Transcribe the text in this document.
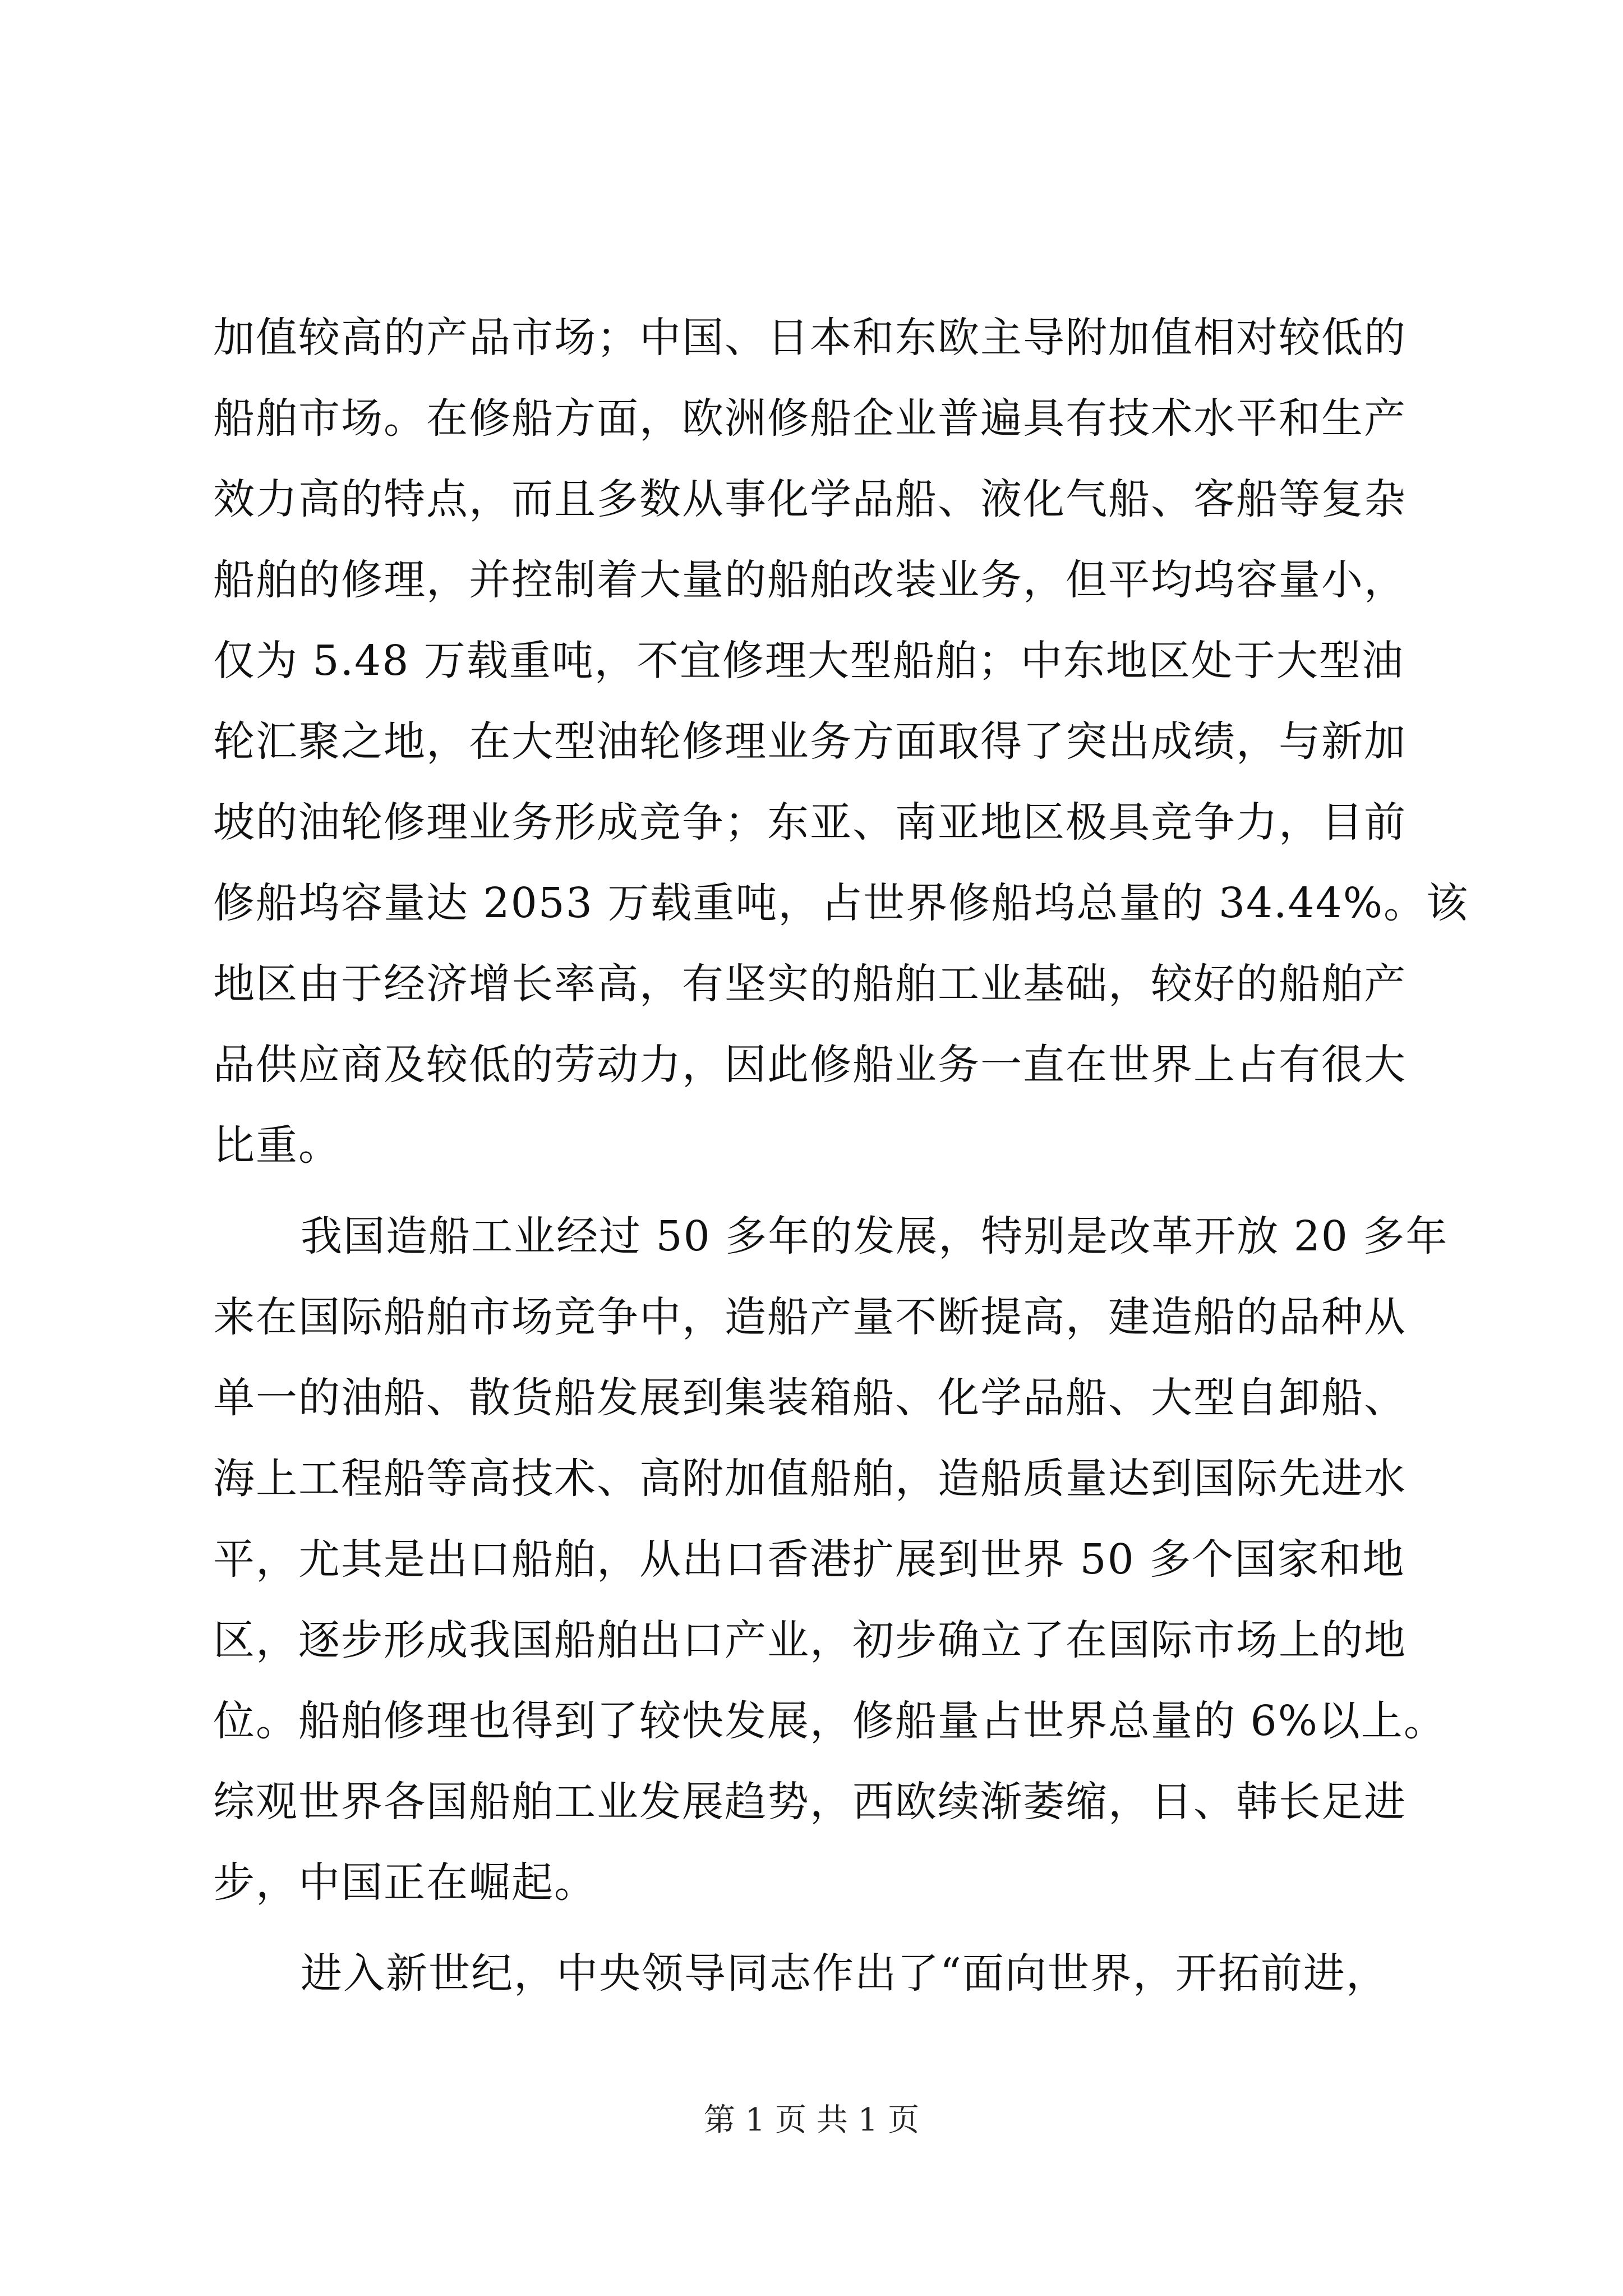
加值较高的产品市场；中国、日本和东欧主导附加值相对较低的
船舶市场。在修船方面，欧洲修船企业普遍具有技术水平和生产
效力高的特点，而且多数从事化学品船、液化气船、客船等复杂
船舶的修理，并控制着大量的船舶改装业务，但平均坞容量小，
仅为 5.48 万载重吨，不宜修理大型船舶；中东地区处于大型油
轮汇聚之地，在大型油轮修理业务方面取得了突出成绩，与新加
坡的油轮修理业务形成竞争；东亚、南亚地区极具竞争力，目前
修船坞容量达 2053 万载重吨，占世界修船坞总量的 34.44%。该
地区由于经济增长率高，有坚实的船舶工业基础，较好的船舶产
品供应商及较低的劳动力，因此修船业务一直在世界上占有很大
比重。
我国造船工业经过 50 多年的发展，特别是改革开放 20 多年
来在国际船舶市场竞争中，造船产量不断提高，建造船的品种从
单一的油船、散货船发展到集装箱船、化学品船、大型自卸船、
海上工程船等高技术、高附加值船舶，造船质量达到国际先进水
平，尤其是出口船舶，从出口香港扩展到世界 50 多个国家和地
区，逐步形成我国船舶出口产业，初步确立了在国际市场上的地
位。船舶修理也得到了较快发展，修船量占世界总量的 6%以上。
综观世界各国船舶工业发展趋势，西欧续渐萎缩，日、韩长足进
步，中国正在崛起。
进入新世纪，中央领导同志作出了“面向世界，开拓前进，
第 1 页 共 1 页
